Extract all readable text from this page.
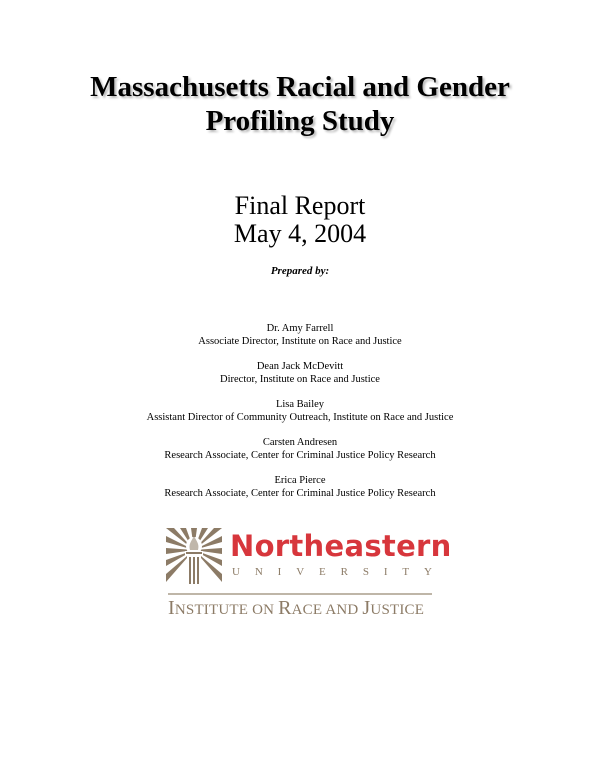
Massachusetts Racial and Gender
Profiling Study
Final Report
May 4, 2004
Prepared by:
Dr. Amy Farrell
Associate Director, Institute on Race and Justice
Dean Jack McDevitt
Director, Institute on Race and Justice
Lisa Bailey
Assistant Director of Community Outreach, Institute on Race and Justice
Carsten Andresen
Research Associate, Center for Criminal Justice Policy Research
Erica Pierce
Research Associate, Center for Criminal Justice Policy Research
Northeastern
U N I V E R S I T Y
INSTITUTE ON RACE AND JUSTICE
